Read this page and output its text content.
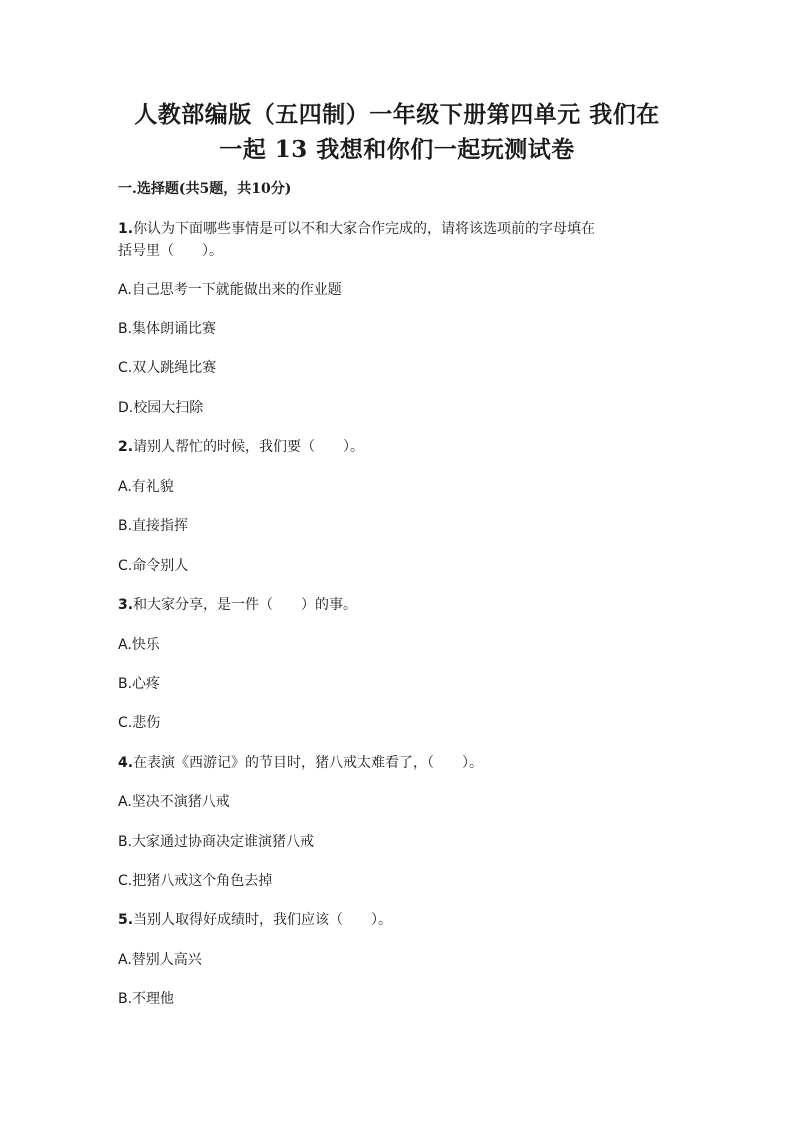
人教部编版（五四制）一年级下册第四单元 我们在
一起 13 我想和你们一起玩测试卷

一.选择题(共5题，共10分)

1.你认为下面哪些事情是可以不和大家合作完成的，请将该选项前的字母填在

括号里（　　）。

A.自己思考一下就能做出来的作业题

B.集体朗诵比赛

C.双人跳绳比赛

D.校园大扫除

2.请别人帮忙的时候，我们要（　　）。

A.有礼貌

B.直接指挥

C.命令别人

3.和大家分享，是一件（　　）的事。

A.快乐

B.心疼

C.悲伤

4.在表演《西游记》的节目时，猪八戒太难看了，（　　）。

A.坚决不演猪八戒

B.大家通过协商决定谁演猪八戒

C.把猪八戒这个角色去掉

5.当别人取得好成绩时，我们应该（　　）。

A.替别人高兴

B.不理他
